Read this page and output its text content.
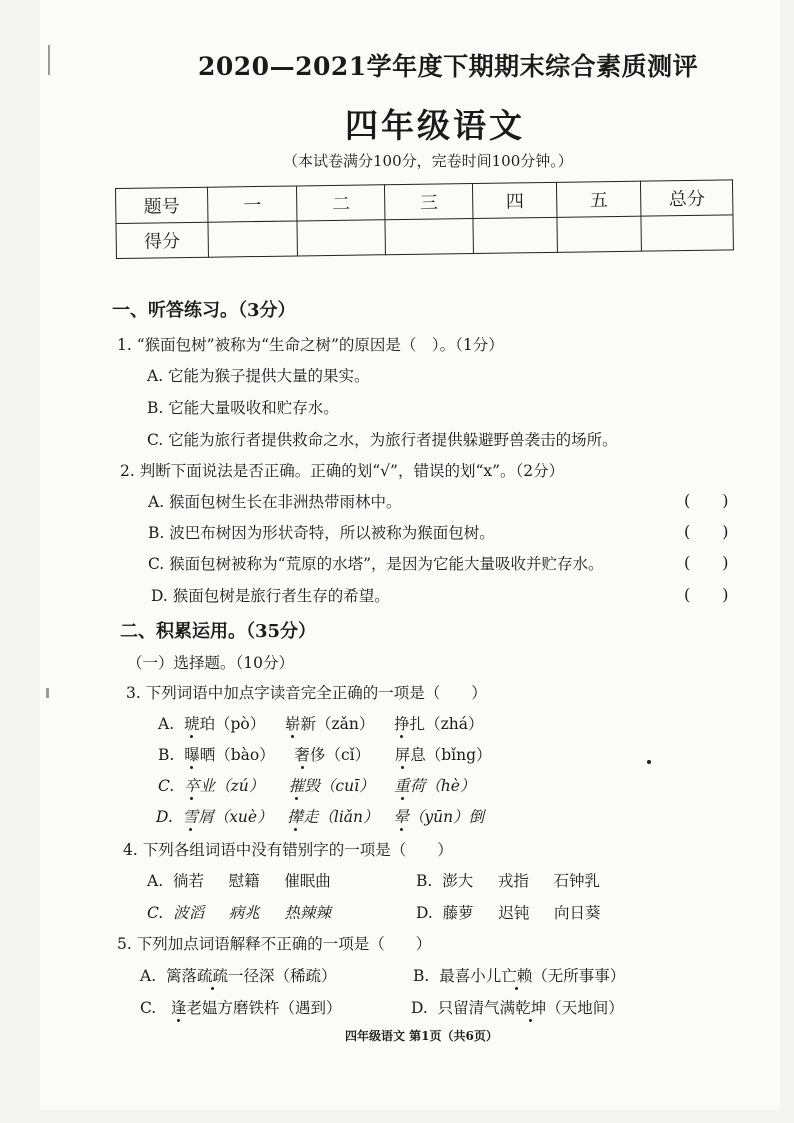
2020—2021学年度下期期末综合素质测评
四年级语文
（本试卷满分100分，完卷时间100分钟。）
题号	一	二	三	四	五	总分
得分						
一、听答练习。（3分）
1. “猴面包树”被称为“生命之树”的原因是（　）。（1分）
A. 它能为猴子提供大量的果实。
B. 它能大量吸收和贮存水。
C. 它能为旅行者提供救命之水，为旅行者提供躲避野兽袭击的场所。
2. 判断下面说法是否正确。正确的划“√”，错误的划“x”。（2分）
A. 猴面包树生长在非洲热带雨林中。	(　　)
B. 波巴布树因为形状奇特，所以被称为猴面包树。	(　　)
C. 猴面包树被称为“荒原的水塔”，是因为它能大量吸收并贮存水。	(　　)
D. 猴面包树是旅行者生存的希望。	(　　)
二、积累运用。（35分）
（一）选择题。（10分）
3. 下列词语中加点字读音完全正确的一项是（　　）
A. 琥珀（pò） 崭新（zǎn） 挣扎（zhá）
B. 曝晒（bào） 奢侈（cǐ） 屏息（bǐng）
C. 卒业（zú） 摧毁（cuī） 重荷（hè）
D. 雪屑（xuè） 撵走（liǎn） 晕（yūn）倒
4. 下列各组词语中没有错别字的一项是（　　）
A. 徜若 慰籍 催眠曲	B. 澎大 戎指 石钟乳
C. 波滔 病兆 热辣辣	D. 藤萝 迟钝 向日葵
5. 下列加点词语解释不正确的一项是（　　）
A. 篱落疏疏一径深（稀疏）	B. 最喜小儿亡赖（无所事事）
C. 逢老媪方磨铁杵（遇到）	D. 只留清气满乾坤（天地间）
四年级语文 第1页（共6页）
